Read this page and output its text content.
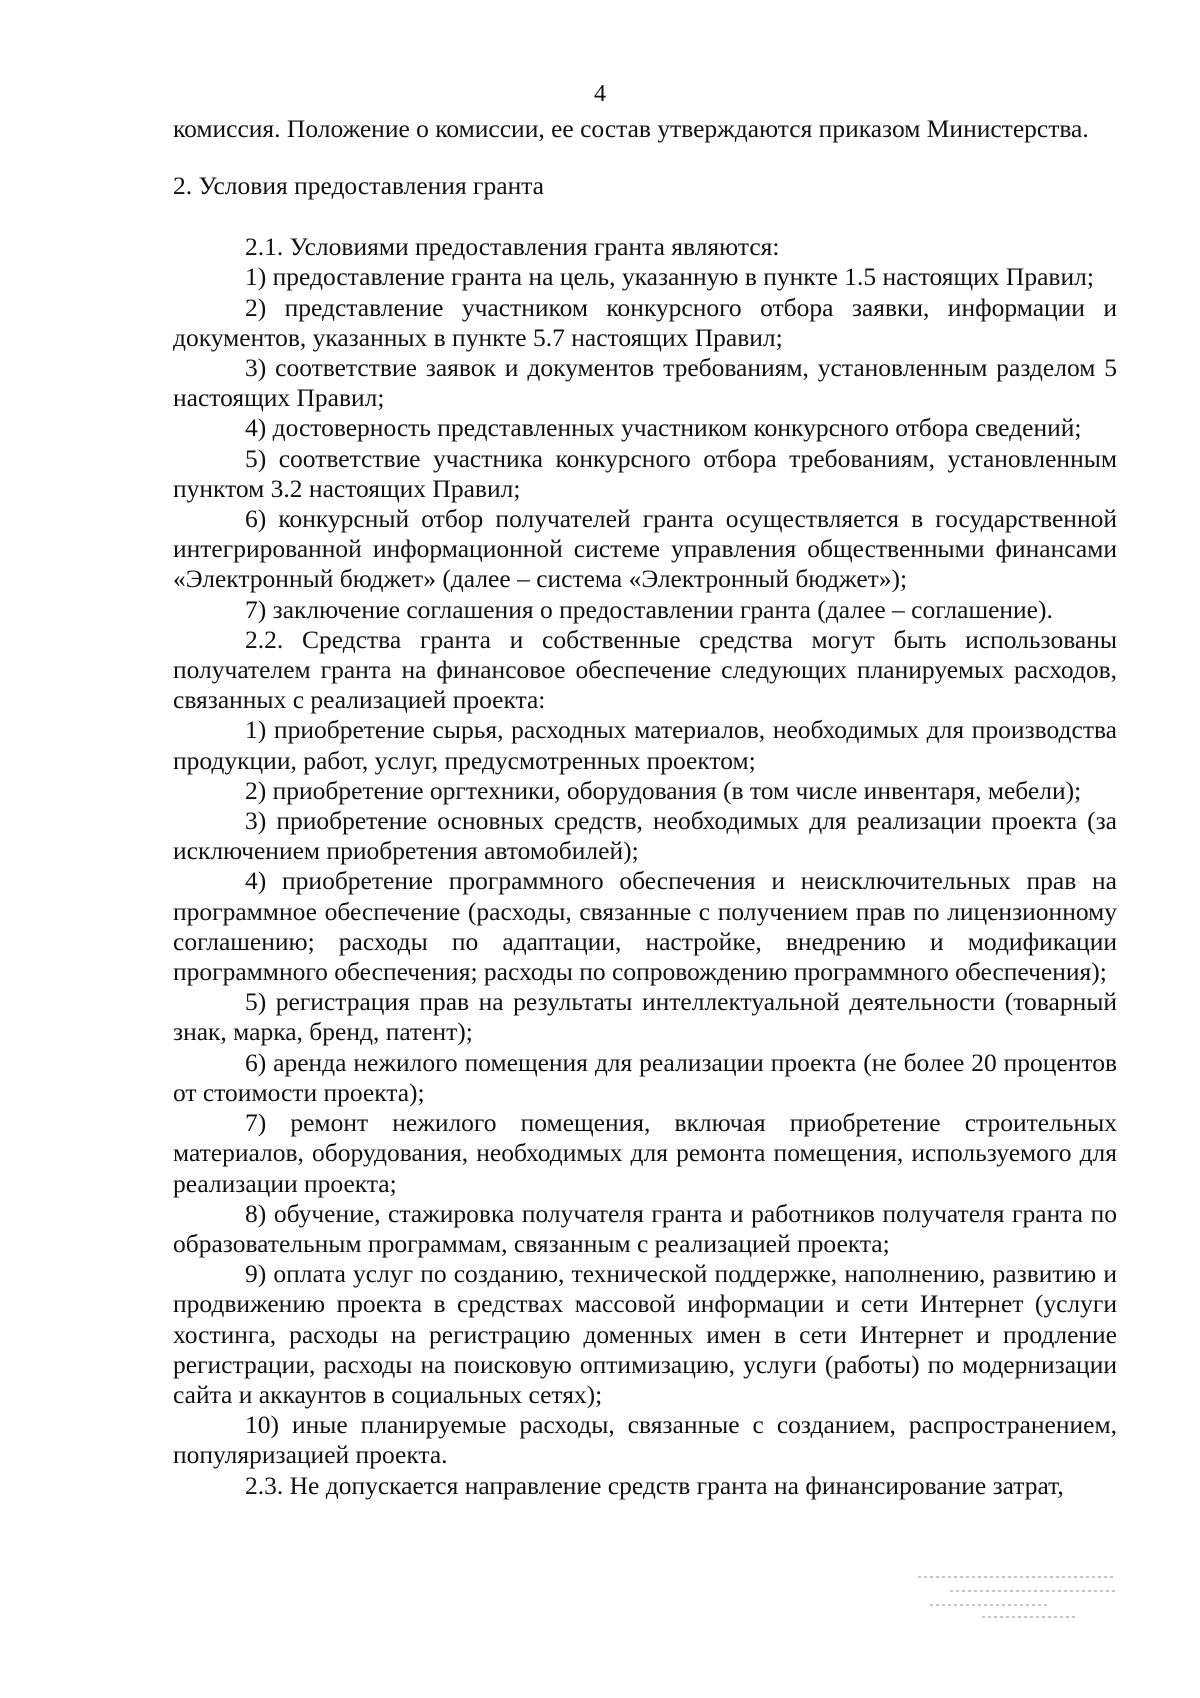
4

комиссия. Положение о комиссии, ее состав утверждаются приказом Министерства.

2. Условия предоставления гранта

2.1. Условиями предоставления гранта являются:

1) предоставление гранта на цель, указанную в пункте 1.5 настоящих Правил;

2) представление участником конкурсного отбора заявки, информации и документов, указанных в пункте 5.7 настоящих Правил;

3) соответствие заявок и документов требованиям, установленным разделом 5 настоящих Правил;

4) достоверность представленных участником конкурсного отбора сведений;

5) соответствие участника конкурсного отбора требованиям, установленным пунктом 3.2 настоящих Правил;

6) конкурсный отбор получателей гранта осуществляется в государственной интегрированной информационной системе управления общественными финансами «Электронный бюджет» (далее – система «Электронный бюджет»);

7) заключение соглашения о предоставлении гранта (далее – соглашение).

2.2. Средства гранта и собственные средства могут быть использованы получателем гранта на финансовое обеспечение следующих планируемых расходов, связанных с реализацией проекта:

1) приобретение сырья, расходных материалов, необходимых для производства продукции, работ, услуг, предусмотренных проектом;

2) приобретение оргтехники, оборудования (в том числе инвентаря, мебели);

3) приобретение основных средств, необходимых для реализации проекта (за исключением приобретения автомобилей);

4) приобретение программного обеспечения и неисключительных прав на программное обеспечение (расходы, связанные с получением прав по лицензионному соглашению; расходы по адаптации, настройке, внедрению и модификации программного обеспечения; расходы по сопровождению программного обеспечения);

5) регистрация прав на результаты интеллектуальной деятельности (товарный знак, марка, бренд, патент);

6) аренда нежилого помещения для реализации проекта (не более 20 процентов от стоимости проекта);

7) ремонт нежилого помещения, включая приобретение строительных материалов, оборудования, необходимых для ремонта помещения, используемого для реализации проекта;

8) обучение, стажировка получателя гранта и работников получателя гранта по образовательным программам, связанным с реализацией проекта;

9) оплата услуг по созданию, технической поддержке, наполнению, развитию и продвижению проекта в средствах массовой информации и сети Интернет (услуги хостинга, расходы на регистрацию доменных имен в сети Интернет и продление регистрации, расходы на поисковую оптимизацию, услуги (работы) по модернизации сайта и аккаунтов в социальных сетях);

10) иные планируемые расходы, связанные с созданием, распространением, популяризацией проекта.

2.3. Не допускается направление средств гранта на финансирование затрат,
